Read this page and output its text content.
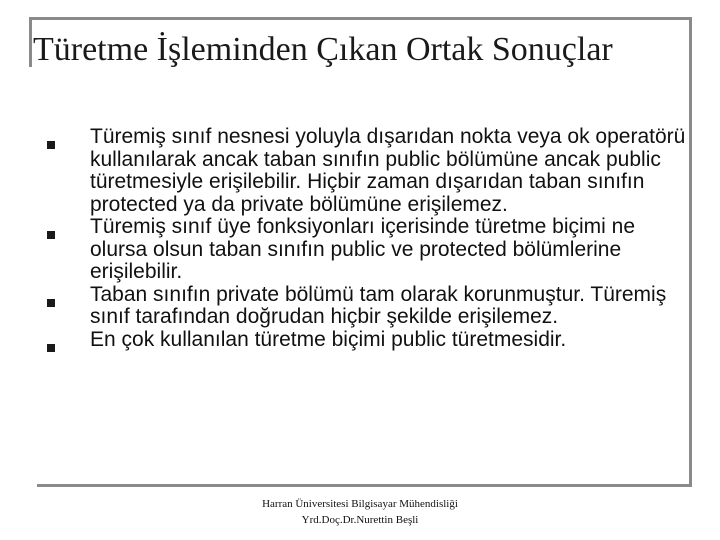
Türetme İşleminden Çıkan Ortak Sonuçlar
Türemiş sınıf nesnesi yoluyla dışarıdan nokta veya ok operatörü kullanılarak ancak taban sınıfın public bölümüne ancak public türetmesiyle erişilebilir. Hiçbir zaman dışarıdan taban sınıfın protected ya da private bölümüne erişilemez.
Türemiş sınıf üye fonksiyonları içerisinde türetme biçimi ne olursa olsun taban sınıfın public ve protected bölümlerine erişilebilir.
Taban sınıfın private bölümü tam olarak korunmuştur. Türemiş sınıf tarafından doğrudan hiçbir şekilde erişilemez.
En çok kullanılan türetme biçimi public türetmesidir.
Harran Üniversitesi Bilgisayar Mühendisliği
Yrd.Doç.Dr.Nurettin Beşli
